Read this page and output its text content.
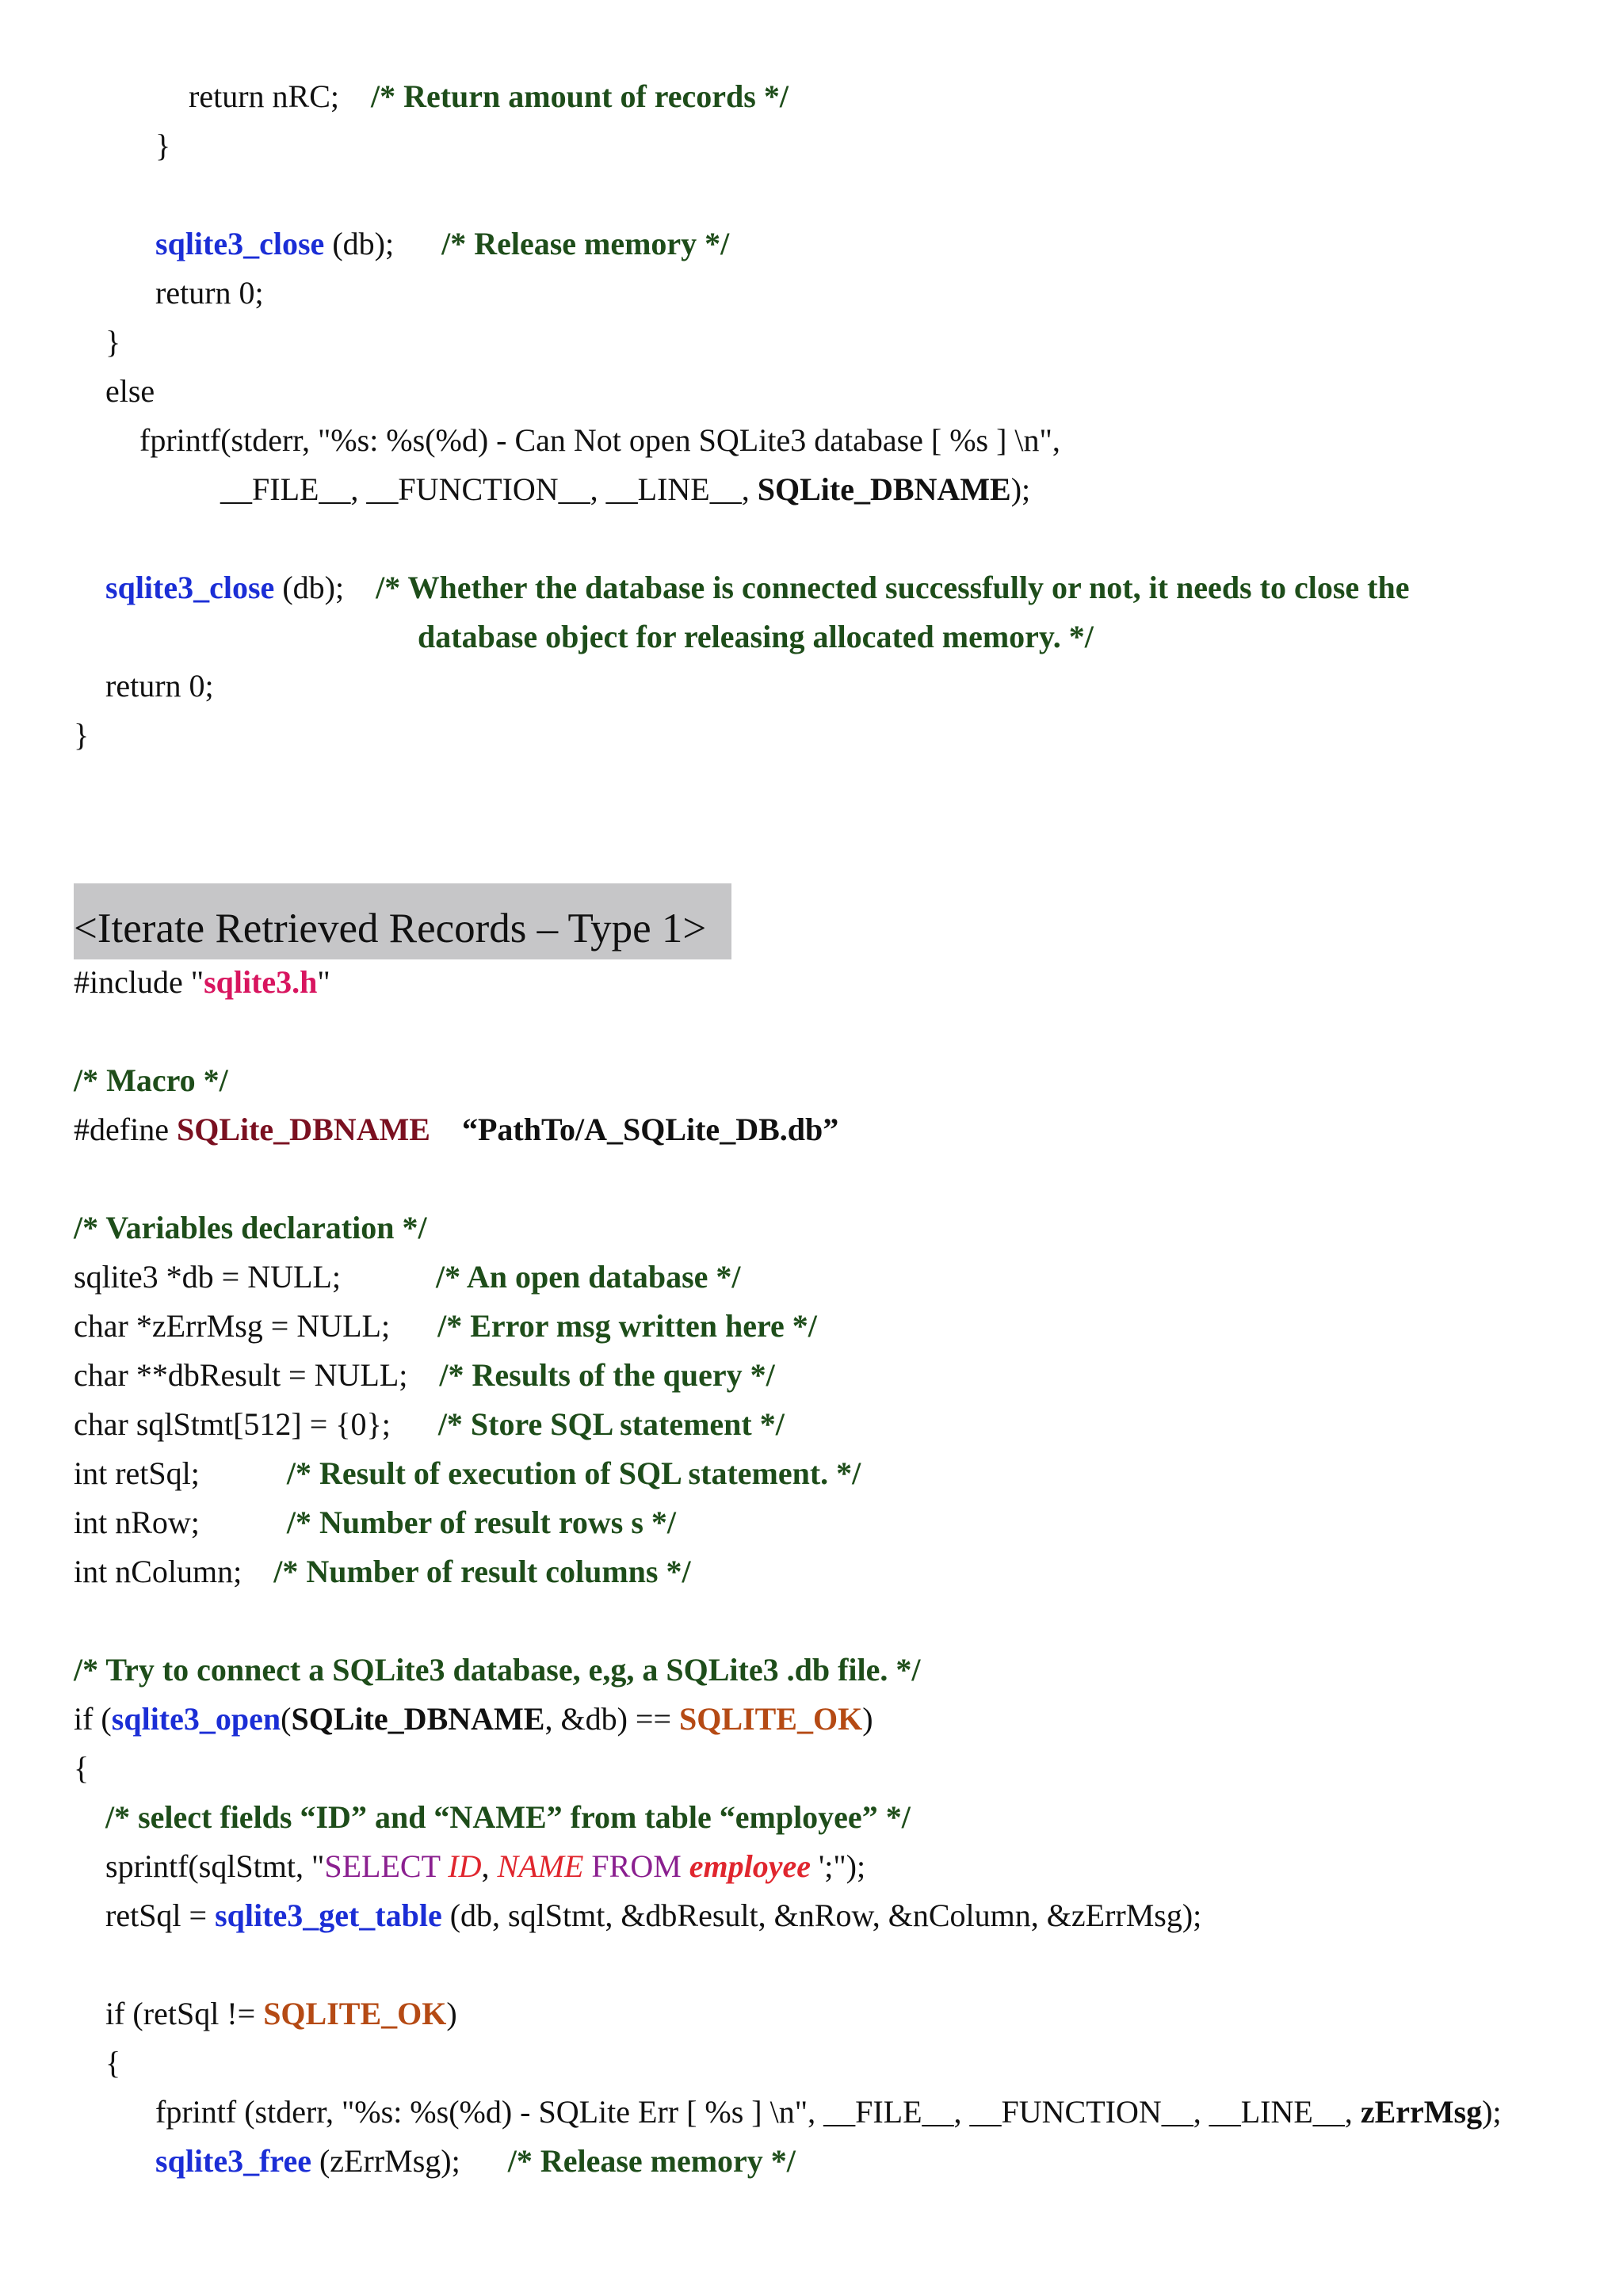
<Iterate Retrieved Records – Type 1>
return nRC;    /* Return amount of records */
}
sqlite3_close (db);      /* Release memory */
return 0;
}
else
fprintf(stderr, "%s: %s(%d) - Can Not open SQLite3 database [ %s ] \n",
__FILE__, __FUNCTION__, __LINE__, SQLite_DBNAME);
sqlite3_close (db);    /* Whether the database is connected successfully or not, it needs to close the
database object for releasing allocated memory. */
return 0;
}
#include "sqlite3.h"
/* Macro */
#define SQLite_DBNAME “PathTo/A_SQLite_DB.db”
/* Variables declaration */
sqlite3 *db = NULL;            /* An open database */
char *zErrMsg = NULL;      /* Error msg written here */
char **dbResult = NULL;    /* Results of the query */
char sqlStmt[512] = {0};      /* Store SQL statement */
int retSql;           /* Result of execution of SQL statement. */
int nRow;           /* Number of result rows s */
int nColumn;    /* Number of result columns */
/* Try to connect a SQLite3 database, e,g, a SQLite3 .db file. */
if (sqlite3_open(SQLite_DBNAME, &db) == SQLITE_OK)
{
/* select fields “ID” and “NAME” from table “employee” */
sprintf(sqlStmt, "SELECT ID, NAME FROM employee ';");
retSql = sqlite3_get_table (db, sqlStmt, &dbResult, &nRow, &nColumn, &zErrMsg);
if (retSql != SQLITE_OK)
{
fprintf (stderr, "%s: %s(%d) - SQLite Err [ %s ] \n", __FILE__, __FUNCTION__, __LINE__, zErrMsg);
sqlite3_free (zErrMsg);      /* Release memory */
